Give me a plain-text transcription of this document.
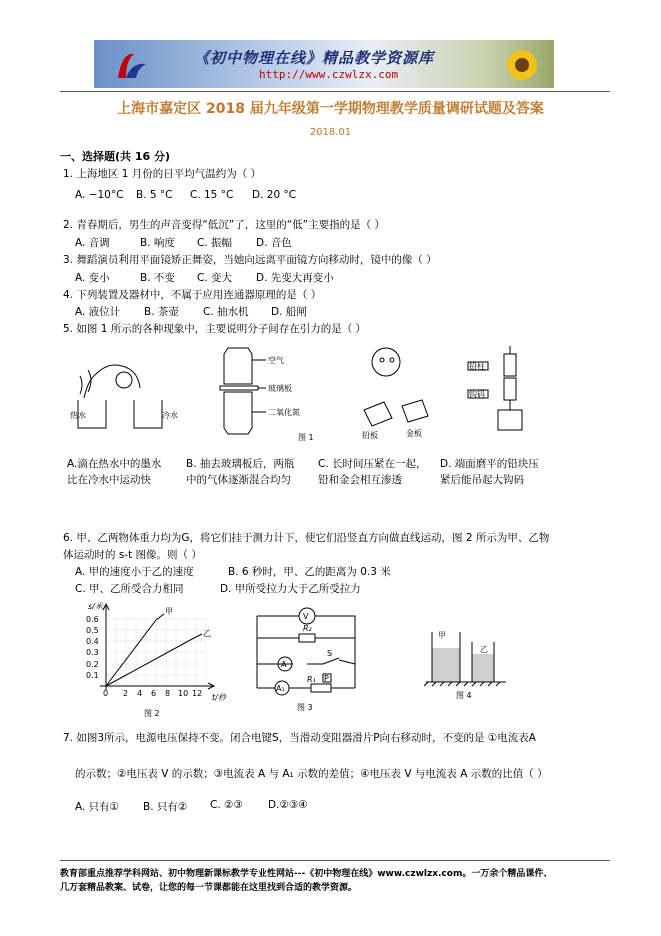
《初中物理在线》精品教学资源库
http://www.czwlzx.com
上海市嘉定区 2018 届九年级第一学期物理教学质量调研试题及答案
2018.01
一、选择题(共 16 分)
1. 上海地区 1 月份的日平均气温约为（ ）
A. −10°C B. 5 °C C. 15 °C D. 20 °C
2. 青春期后，男生的声音变得“低沉”了，这里的“低”主要指的是（ ）
A. 音调	B. 响度 C. 振幅 D. 音色
3. 舞蹈演员利用平面镜矫正舞姿，当她向远离平面镜方向移动时，镜中的像（ ）
A. 变小	B. 不变 C. 变大 D. 先变大再变小
4. 下列装置及器材中，不属于应用连通器原理的是（ ）
A. 液位计 B. 茶壶 C. 抽水机 D. 船闸
5. 如图 1 所示的各种现象中，主要说明分子间存在引力的是（ ）
热水	冷水
空气
玻璃板
二氧化氮
图 1	铅板	金板
铅柱
钩码
A.滴在热水中的墨水
比在冷水中运动快
B. 抽去玻璃板后，两瓶
中的气体逐渐混合均匀
C. 长时间压紧在一起，
铅和金会相互渗透
D. 端面磨平的铅块压
紧后能吊起大钩码
6. 甲、乙两物体重力均为G，将它们挂于测力计下，使它们沿竖直方向做直线运动，图 2 所示为甲、乙物
体运动时的 s-t 图像。则（ ）
A. 甲的速度小于乙的速度	B. 6 秒时，甲、乙的距离为 0.3 米
C. 甲、乙所受合力相同	D. 甲所受拉力大于乙所受拉力
s/米
t/秒
甲
乙
0.6
0.5
0.4
0.3
0.2
0.1
0 2 4 6 8 10 12
图 2
V
R₂
A
S
A₁
R₁ P
图 3
甲
乙
图 4
7. 如图3所示，电源电压保持不变。闭合电键S，当滑动变阻器滑片P向右移动时，不变的是 ①电流表A
的示数；②电压表 V 的示数；③电流表 A 与 A₁ 示数的差值；④电压表 V 与电流表 A 示数的比值（ ）
A. 只有① B. 只有② C. ②③ D.②③④
教育部重点推荐学科网站、初中物理新课标教学专业性网站---《初中物理在线》www.czwlzx.com。一万余个精品课件、
几万套精品教案、试卷，让您的每一节课都能在这里找到合适的教学资源。
